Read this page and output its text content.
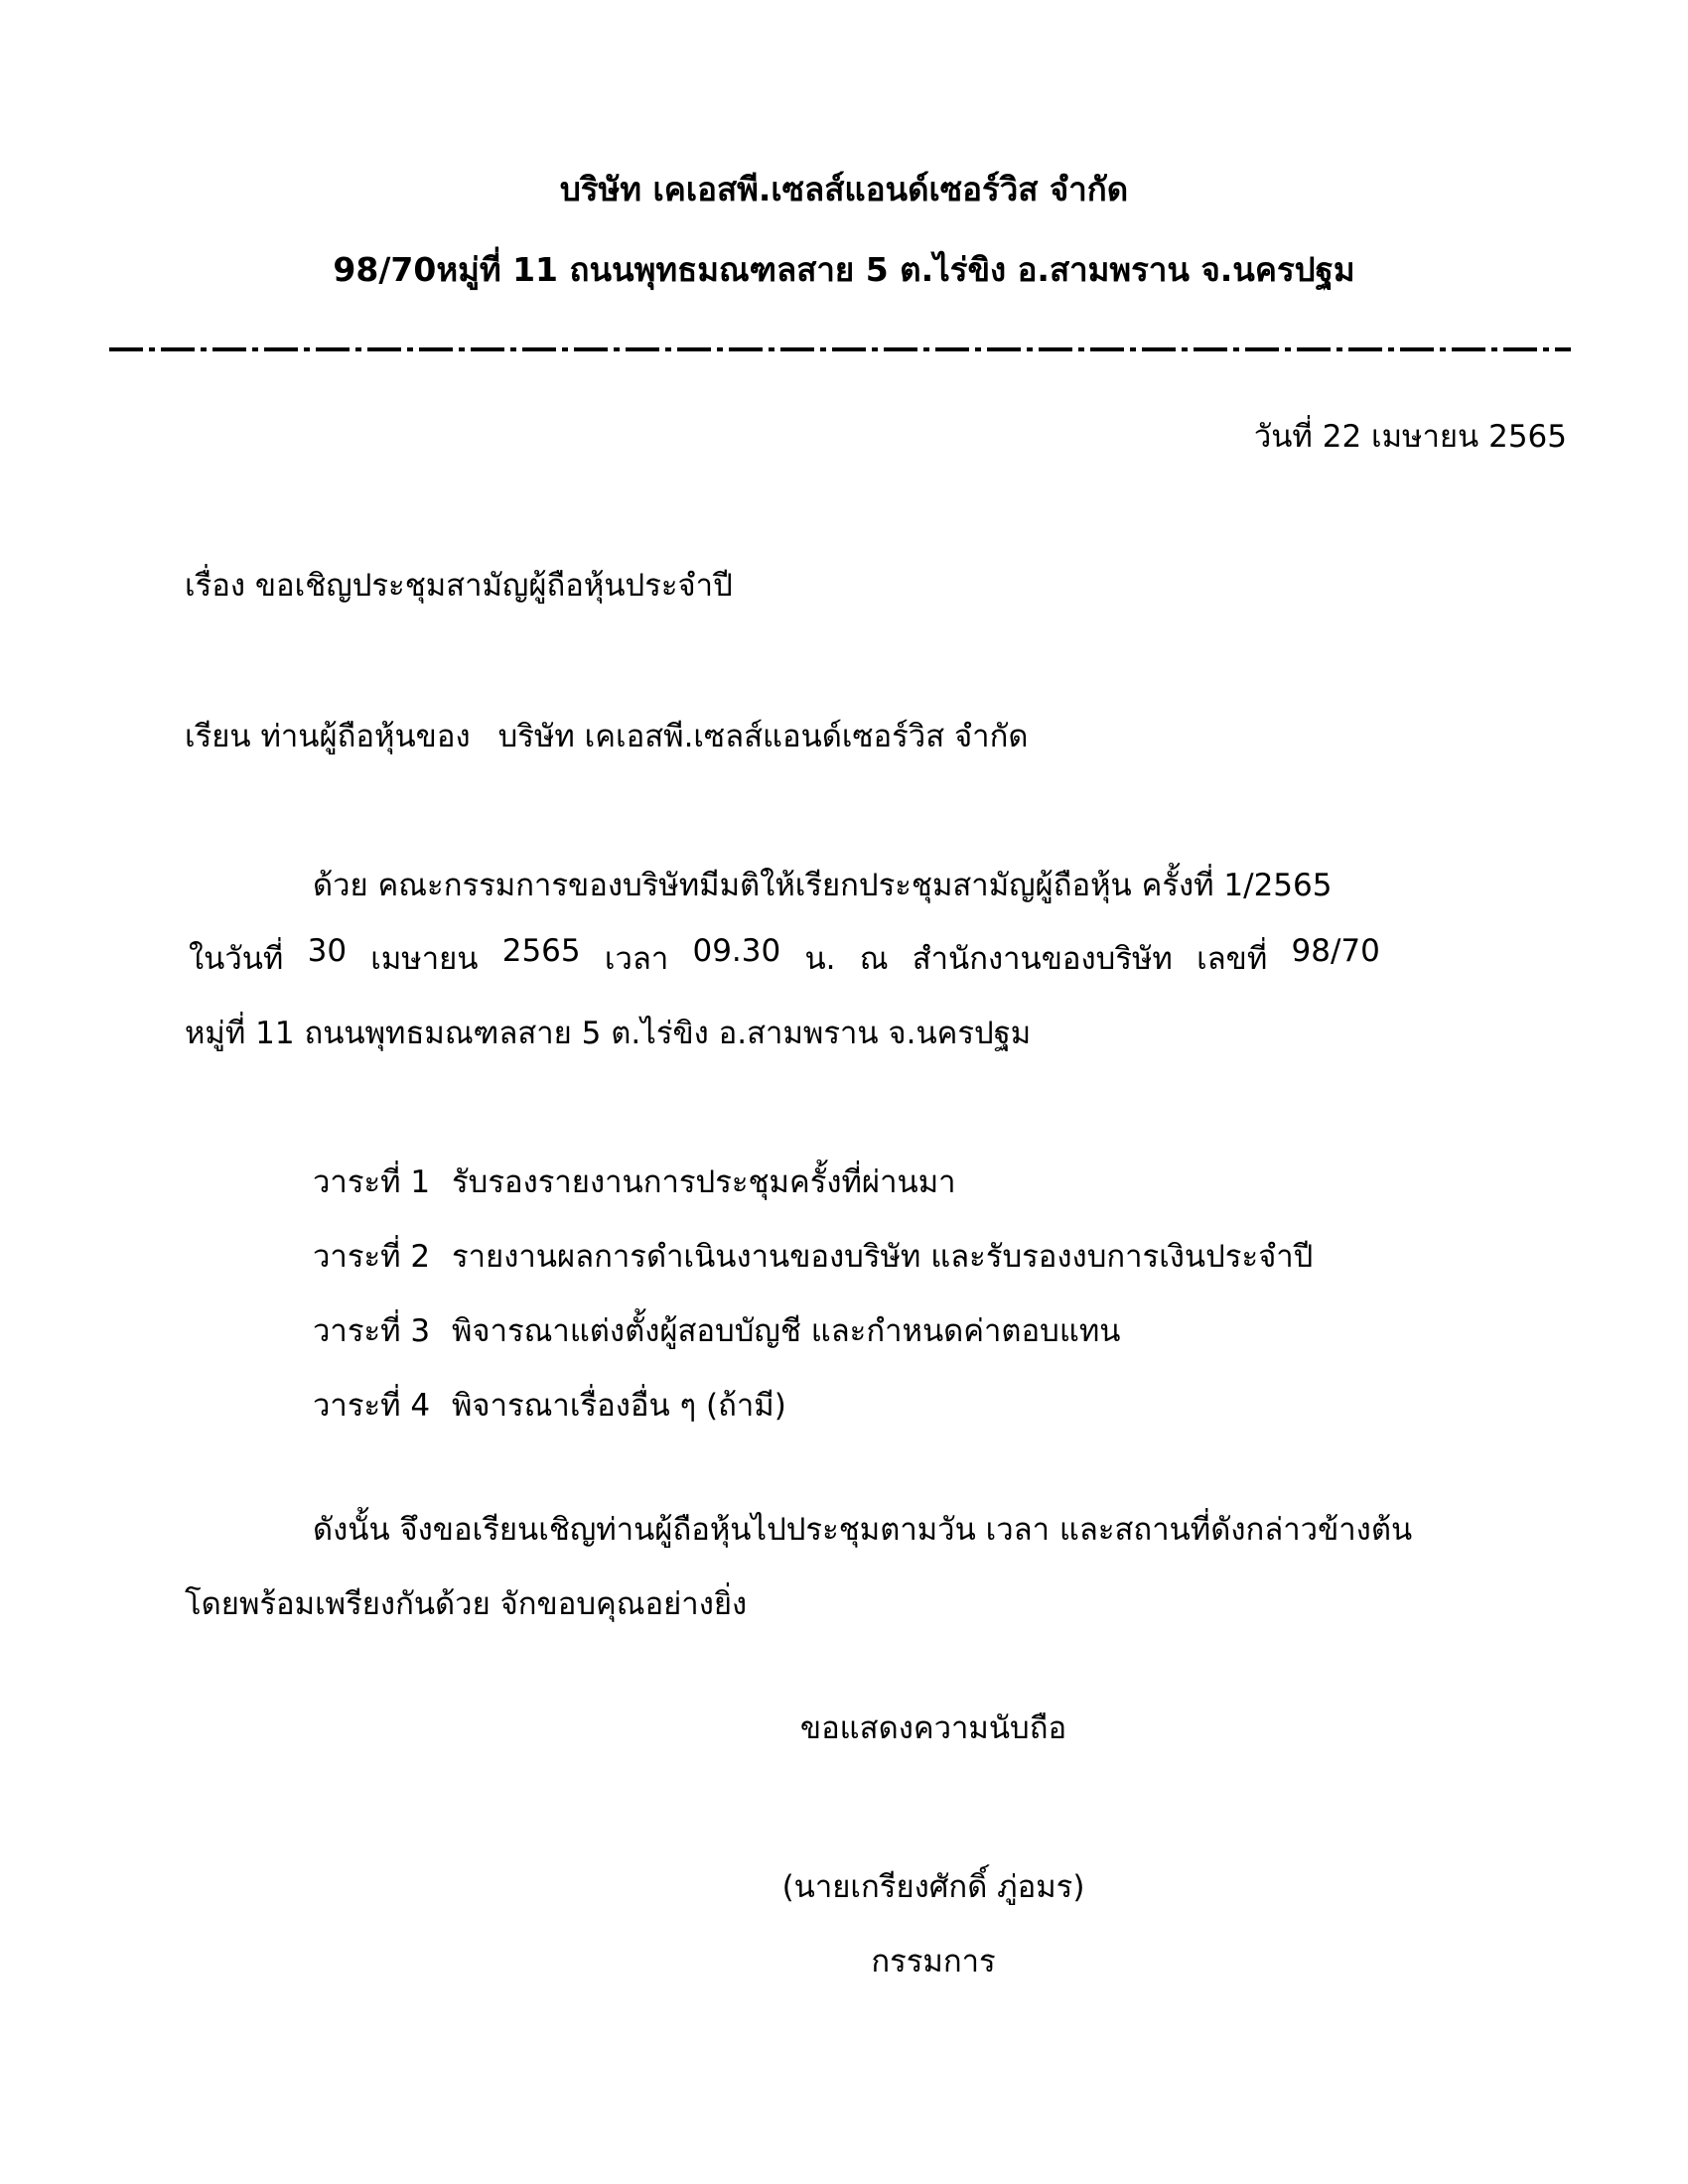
บริษัท เคเอสพี.เซลส์แอนด์เซอร์วิส จำกัด
98/70หมู่ที่ 11 ถนนพุทธมณฑลสาย 5 ต.ไร่ขิง อ.สามพราน จ.นครปฐม
วันที่ 22 เมษายน 2565
เรื่อง ขอเชิญประชุมสามัญผู้ถือหุ้นประจำปี
เรียน ท่านผู้ถือหุ้นของ บริษัท เคเอสพี.เซลส์แอนด์เซอร์วิส จำกัด
ด้วย คณะกรรมการของบริษัทมีมติให้เรียกประชุมสามัญผู้ถือหุ้น ครั้งที่ 1/2565
ในวันที่ 30 เมษายน 2565 เวลา 09.30 น. ณ สำนักงานของบริษัท เลขที่ 98/70
หมู่ที่ 11 ถนนพุทธมณฑลสาย 5 ต.ไร่ขิง อ.สามพราน จ.นครปฐม
วาระที่ 1 รับรองรายงานการประชุมครั้งที่ผ่านมา
วาระที่ 2 รายงานผลการดำเนินงานของบริษัท และรับรองงบการเงินประจำปี
วาระที่ 3 พิจารณาแต่งตั้งผู้สอบบัญชี และกำหนดค่าตอบแทน
วาระที่ 4 พิจารณาเรื่องอื่น ๆ (ถ้ามี)
ดังนั้น จึงขอเรียนเชิญท่านผู้ถือหุ้นไปประชุมตามวัน เวลา และสถานที่ดังกล่าวข้างต้น
โดยพร้อมเพรียงกันด้วย จักขอบคุณอย่างยิ่ง
ขอแสดงความนับถือ
(นายเกรียงศักดิ์ ภู่อมร)
กรรมการ
